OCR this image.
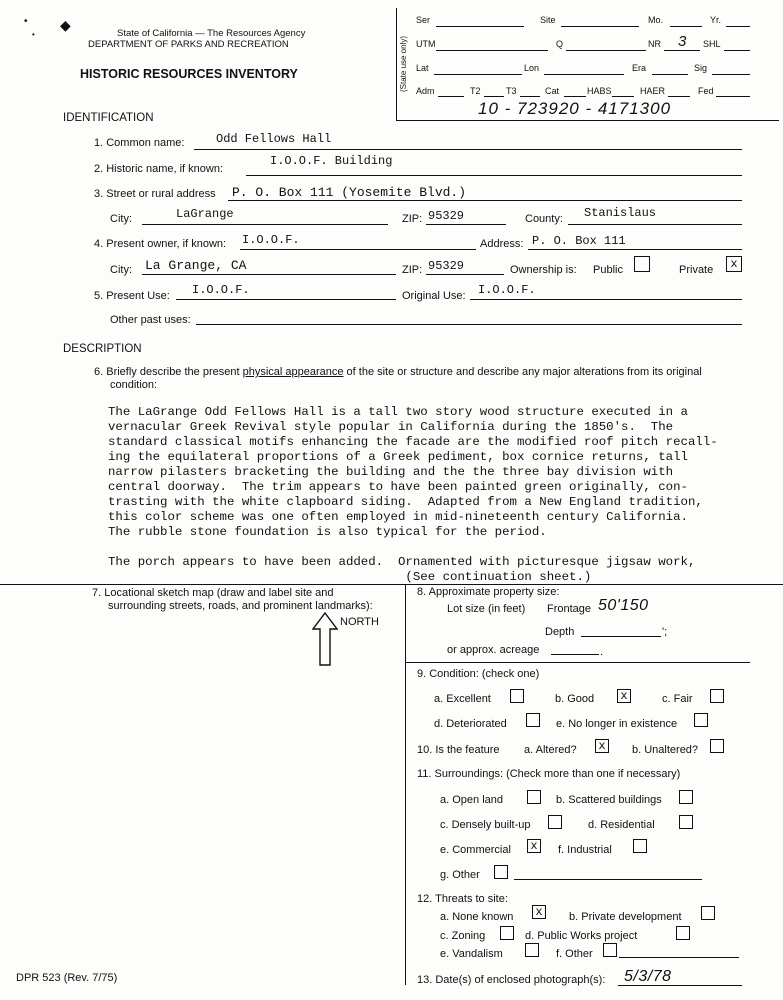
•
•
◆
State of California — The Resources Agency
DEPARTMENT OF PARKS AND RECREATION
HISTORIC RESOURCES INVENTORY	(State use only)
Ser	Site	Mo.	Yr.
UTM	Q	NR 3 SHL
Lat	Lon	Era	Sig
Adm	T2	T3	Cat	HABS	HAER	Fed
10 - 723920 - 4171300
IDENTIFICATION
1. Common name:	Odd Fellows Hall
2. Historic name, if known:
I.O.O.F. Building
3. Street or rural address P. O. Box 111 (Yosemite Blvd.)
City:	LaGrange	ZIP: 95329	County: Stanislaus
4. Present owner, if known: I.O.O.F.	Address: P. O. Box 111
City: La Grange, CA	ZIP: 95329	Ownership is: Public	Private	x
5. Present Use: I.O.O.F.	Original Use: I.O.O.F.
Other past uses:
DESCRIPTION
6. Briefly describe the present physical appearance of the site or structure and describe any major alterations from its original
condition:
The LaGrange Odd Fellows Hall is a tall two story wood structure executed in a
vernacular Greek Revival style popular in California during the 1850's.  The
standard classical motifs enhancing the facade are the modified roof pitch recall-
ing the equilateral proportions of a Greek pediment, box cornice returns, tall
narrow pilasters bracketing the building and the the three bay division with
central doorway.  The trim appears to have been painted green originally, con-
trasting with the white clapboard siding.  Adapted from a New England tradition,
this color scheme was one often employed in mid-nineteenth century California.
The rubble stone foundation is also typical for the period.

The porch appears to have been added.  Ornamented with picturesque jigsaw work,
(See continuation sheet.)
7. Locational sketch map (draw and label site and
surrounding streets, roads, and prominent landmarks):
NORTH
8. Approximate property size:
Lot size (in feet) Frontage 50'150
Depth	';
or approx. acreage	.
9. Condition: (check one)
a. Excellent	b. Good x	c. Fair
d. Deteriorated	e. No longer in existence
10. Is the feature a. Altered? x	b. Unaltered?
11. Surroundings: (Check more than one if necessary)
a. Open land	b. Scattered buildings
c. Densely built-up	d. Residential
e. Commercial x	f. Industrial
g. Other
12. Threats to site:
a. None known x	b. Private development
c. Zoning	d. Public Works project
e. Vandalism	f. Other
13. Date(s) of enclosed photograph(s): 5/3/78
DPR 523 (Rev. 7/75)
